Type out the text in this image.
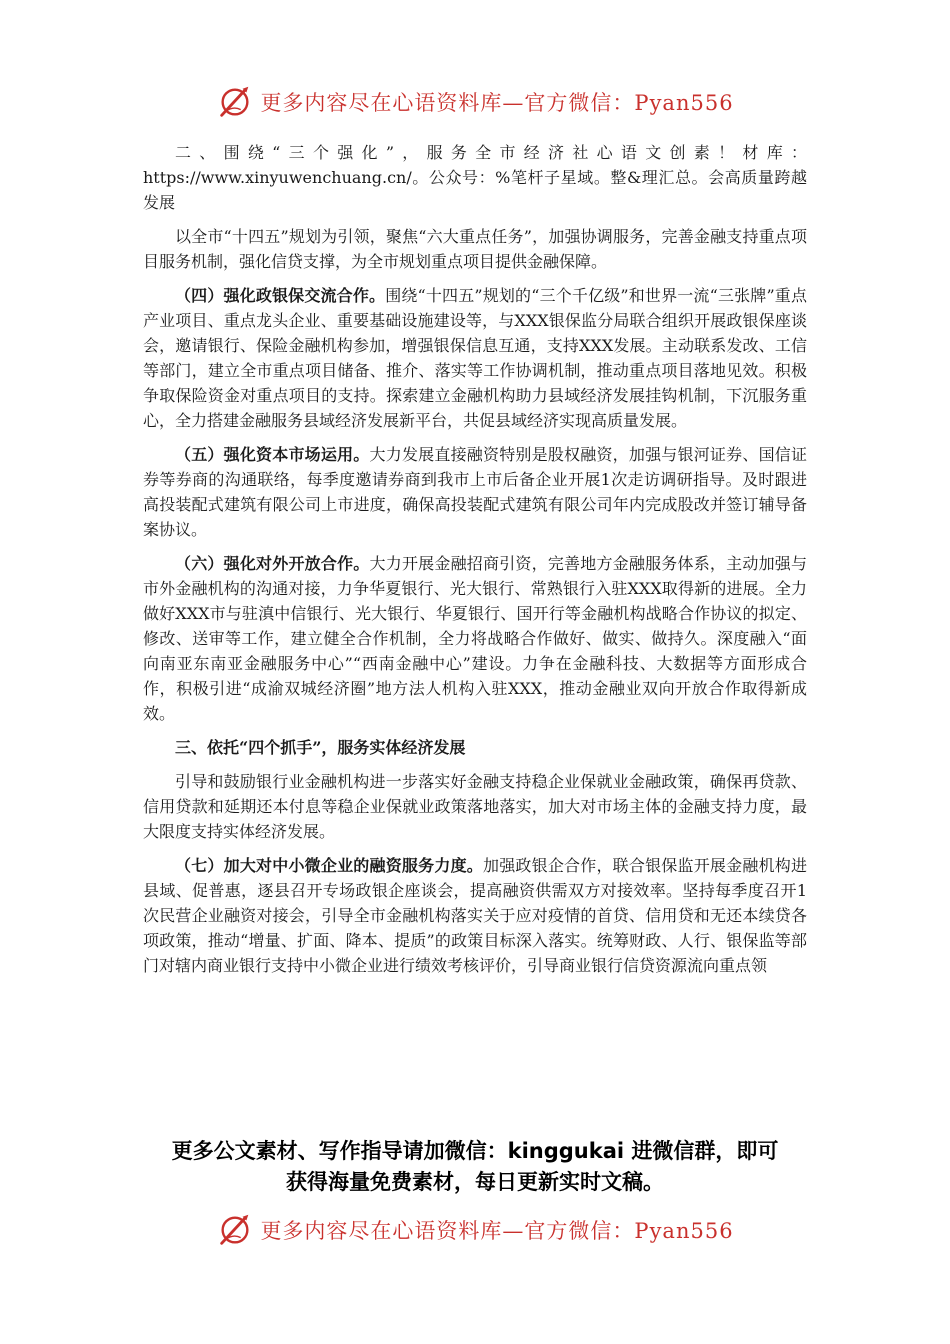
更多内容尽在心语资料库—官方微信：Pyan556

二、围绕“三个强化”，服务全市经济社心语文创素！材库：https://www.xinyuwenchuang.cn/。公众号：%笔杆子星域。整&理汇总。会高质量跨越发展

以全市“十四五”规划为引领，聚焦“六大重点任务”，加强协调服务，完善金融支持重点项目服务机制，强化信贷支撑，为全市规划重点项目提供金融保障。

（四）强化政银保交流合作。围绕“十四五”规划的“三个千亿级”和世界一流“三张牌”重点产业项目、重点龙头企业、重要基础设施建设等，与XXX银保监分局联合组织开展政银保座谈会，邀请银行、保险金融机构参加，增强银保信息互通，支持XXX发展。主动联系发改、工信等部门，建立全市重点项目储备、推介、落实等工作协调机制，推动重点项目落地见效。积极争取保险资金对重点项目的支持。探索建立金融机构助力县域经济发展挂钩机制，下沉服务重心，全力搭建金融服务县域经济发展新平台，共促县域经济实现高质量发展。

（五）强化资本市场运用。大力发展直接融资特别是股权融资，加强与银河证券、国信证券等券商的沟通联络，每季度邀请券商到我市上市后备企业开展1次走访调研指导。及时跟进高投装配式建筑有限公司上市进度，确保高投装配式建筑有限公司年内完成股改并签订辅导备案协议。

（六）强化对外开放合作。大力开展金融招商引资，完善地方金融服务体系，主动加强与市外金融机构的沟通对接，力争华夏银行、光大银行、常熟银行入驻XXX取得新的进展。全力做好XXX市与驻滇中信银行、光大银行、华夏银行、国开行等金融机构战略合作协议的拟定、修改、送审等工作，建立健全合作机制，全力将战略合作做好、做实、做持久。深度融入“面向南亚东南亚金融服务中心”“西南金融中心”建设。力争在金融科技、大数据等方面形成合作，积极引进“成渝双城经济圈”地方法人机构入驻XXX，推动金融业双向开放合作取得新成效。

三、依托“四个抓手”，服务实体经济发展

引导和鼓励银行业金融机构进一步落实好金融支持稳企业保就业金融政策，确保再贷款、信用贷款和延期还本付息等稳企业保就业政策落地落实，加大对市场主体的金融支持力度，最大限度支持实体经济发展。

（七）加大对中小微企业的融资服务力度。加强政银企合作，联合银保监开展金融机构进县域、促普惠，逐县召开专场政银企座谈会，提高融资供需双方对接效率。坚持每季度召开1次民营企业融资对接会，引导全市金融机构落实关于应对疫情的首贷、信用贷和无还本续贷各项政策，推动“增量、扩面、降本、提质”的政策目标深入落实。统筹财政、人行、银保监等部门对辖内商业银行支持中小微企业进行绩效考核评价，引导商业银行信贷资源流向重点领

更多公文素材、写作指导请加微信：kinggukai 进微信群，即可
获得海量免费素材，每日更新实时文稿。
更多内容尽在心语资料库—官方微信：Pyan556
